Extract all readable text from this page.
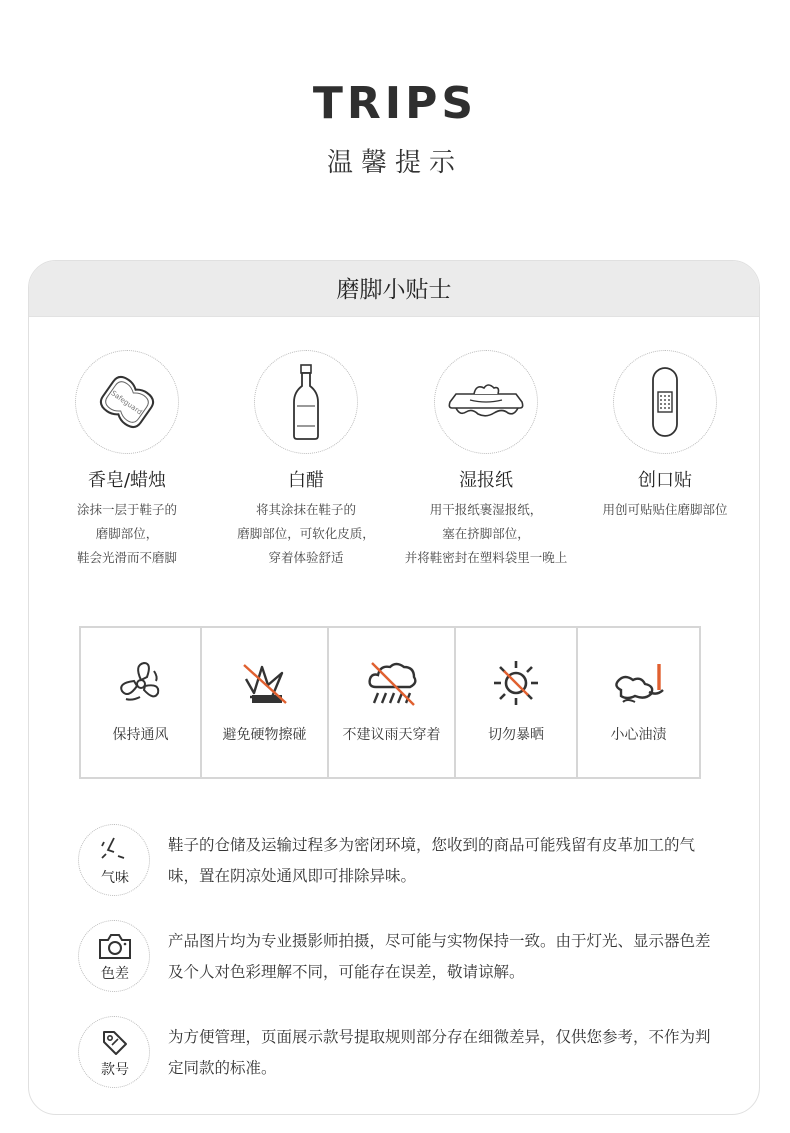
TRIPS
温馨提示
磨脚小贴士
Safeguard
香皂/蜡烛
涂抹一层于鞋子的
磨脚部位，
鞋会光滑而不磨脚
白醋
将其涂抹在鞋子的
磨脚部位，可软化皮质，
穿着体验舒适
湿报纸
用干报纸裹湿报纸，
塞在挤脚部位，
并将鞋密封在塑料袋里一晚上
创口贴
用创可贴贴住磨脚部位
保持通风	避免硬物擦碰	不建议雨天穿着	切勿暴晒	小心油渍
气味
鞋子的仓储及运输过程多为密闭环境，您收到的商品可能残留有皮革加工的气味，置在阴凉处通风即可排除异味。
色差
产品图片均为专业摄影师拍摄，尽可能与实物保持一致。由于灯光、显示器色差及个人对色彩理解不同，可能存在误差，敬请谅解。
款号
为方便管理，页面展示款号提取规则部分存在细微差异，仅供您参考，不作为判定同款的标准。
